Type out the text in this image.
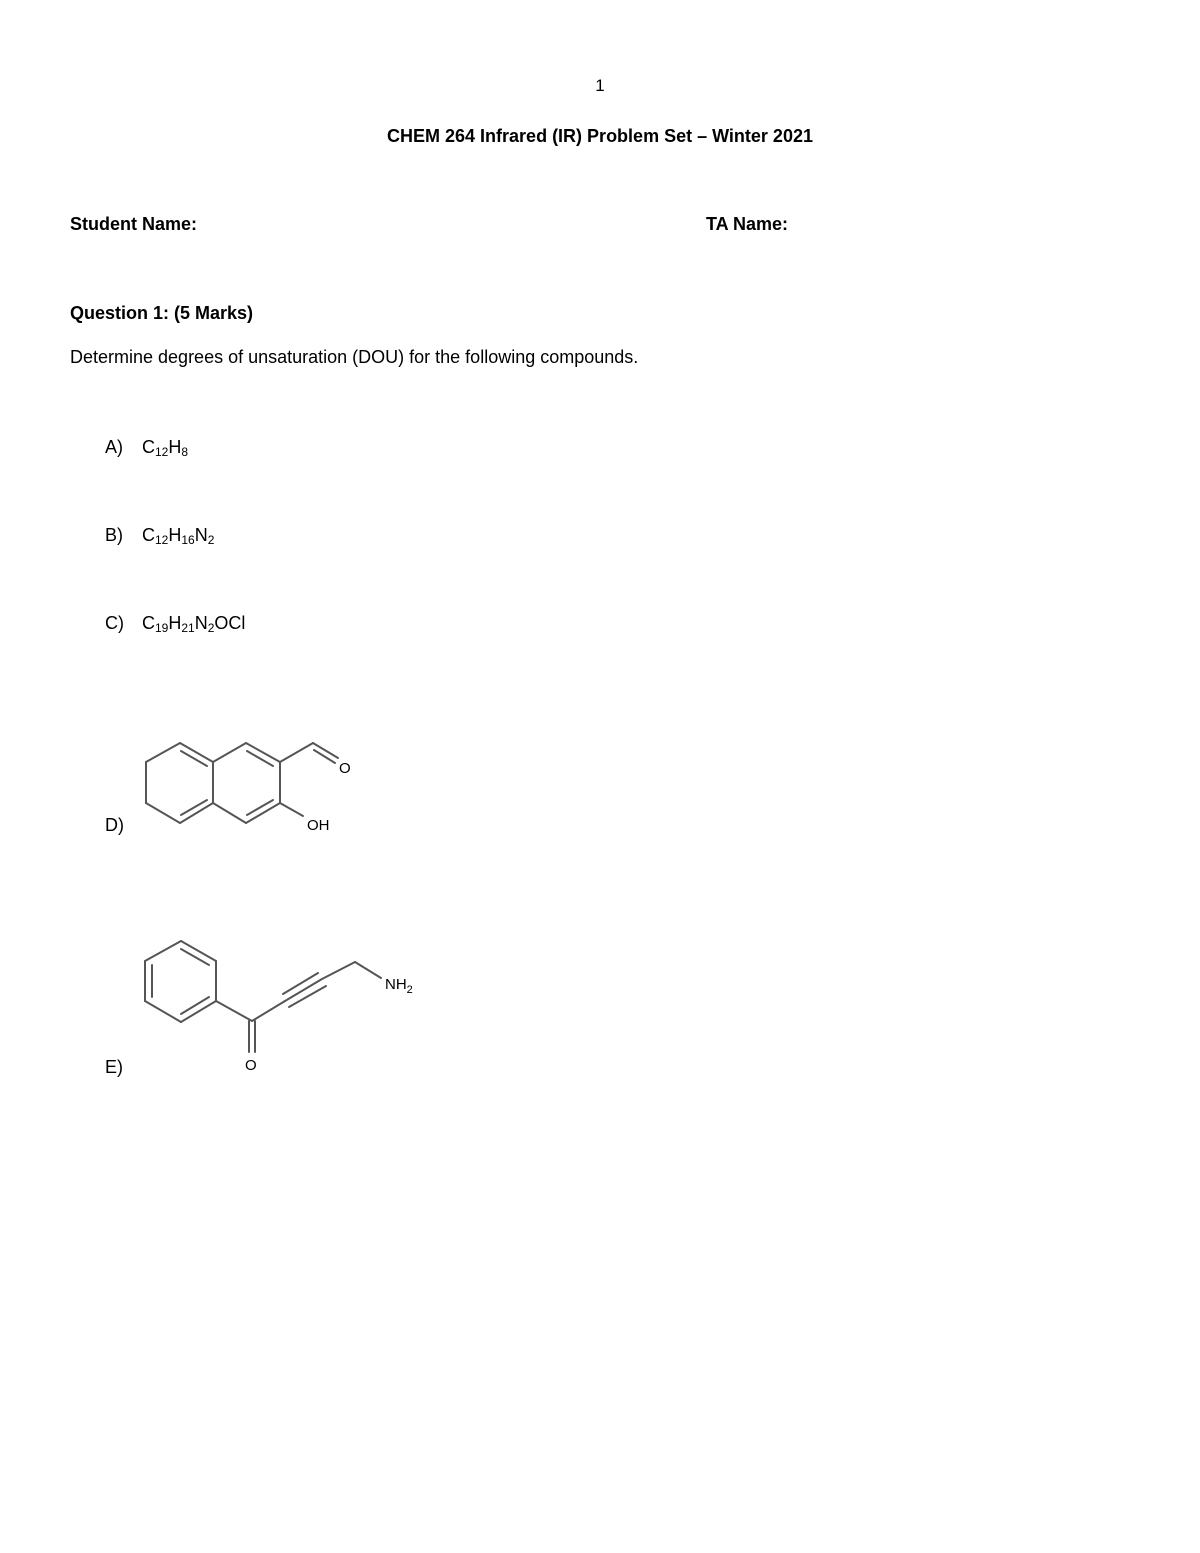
1
CHEM 264 Infrared (IR) Problem Set – Winter 2021
Student Name:	TA Name:
Question 1: (5 Marks)
Determine degrees of unsaturation (DOU) for the following compounds.
A) $C_{12}H_8$
B) $C_{12}H_{16}N_2$
C) $C_{19}H_{21}N_2OCl$
D)
O
OH
E)
$NH_2$
O
